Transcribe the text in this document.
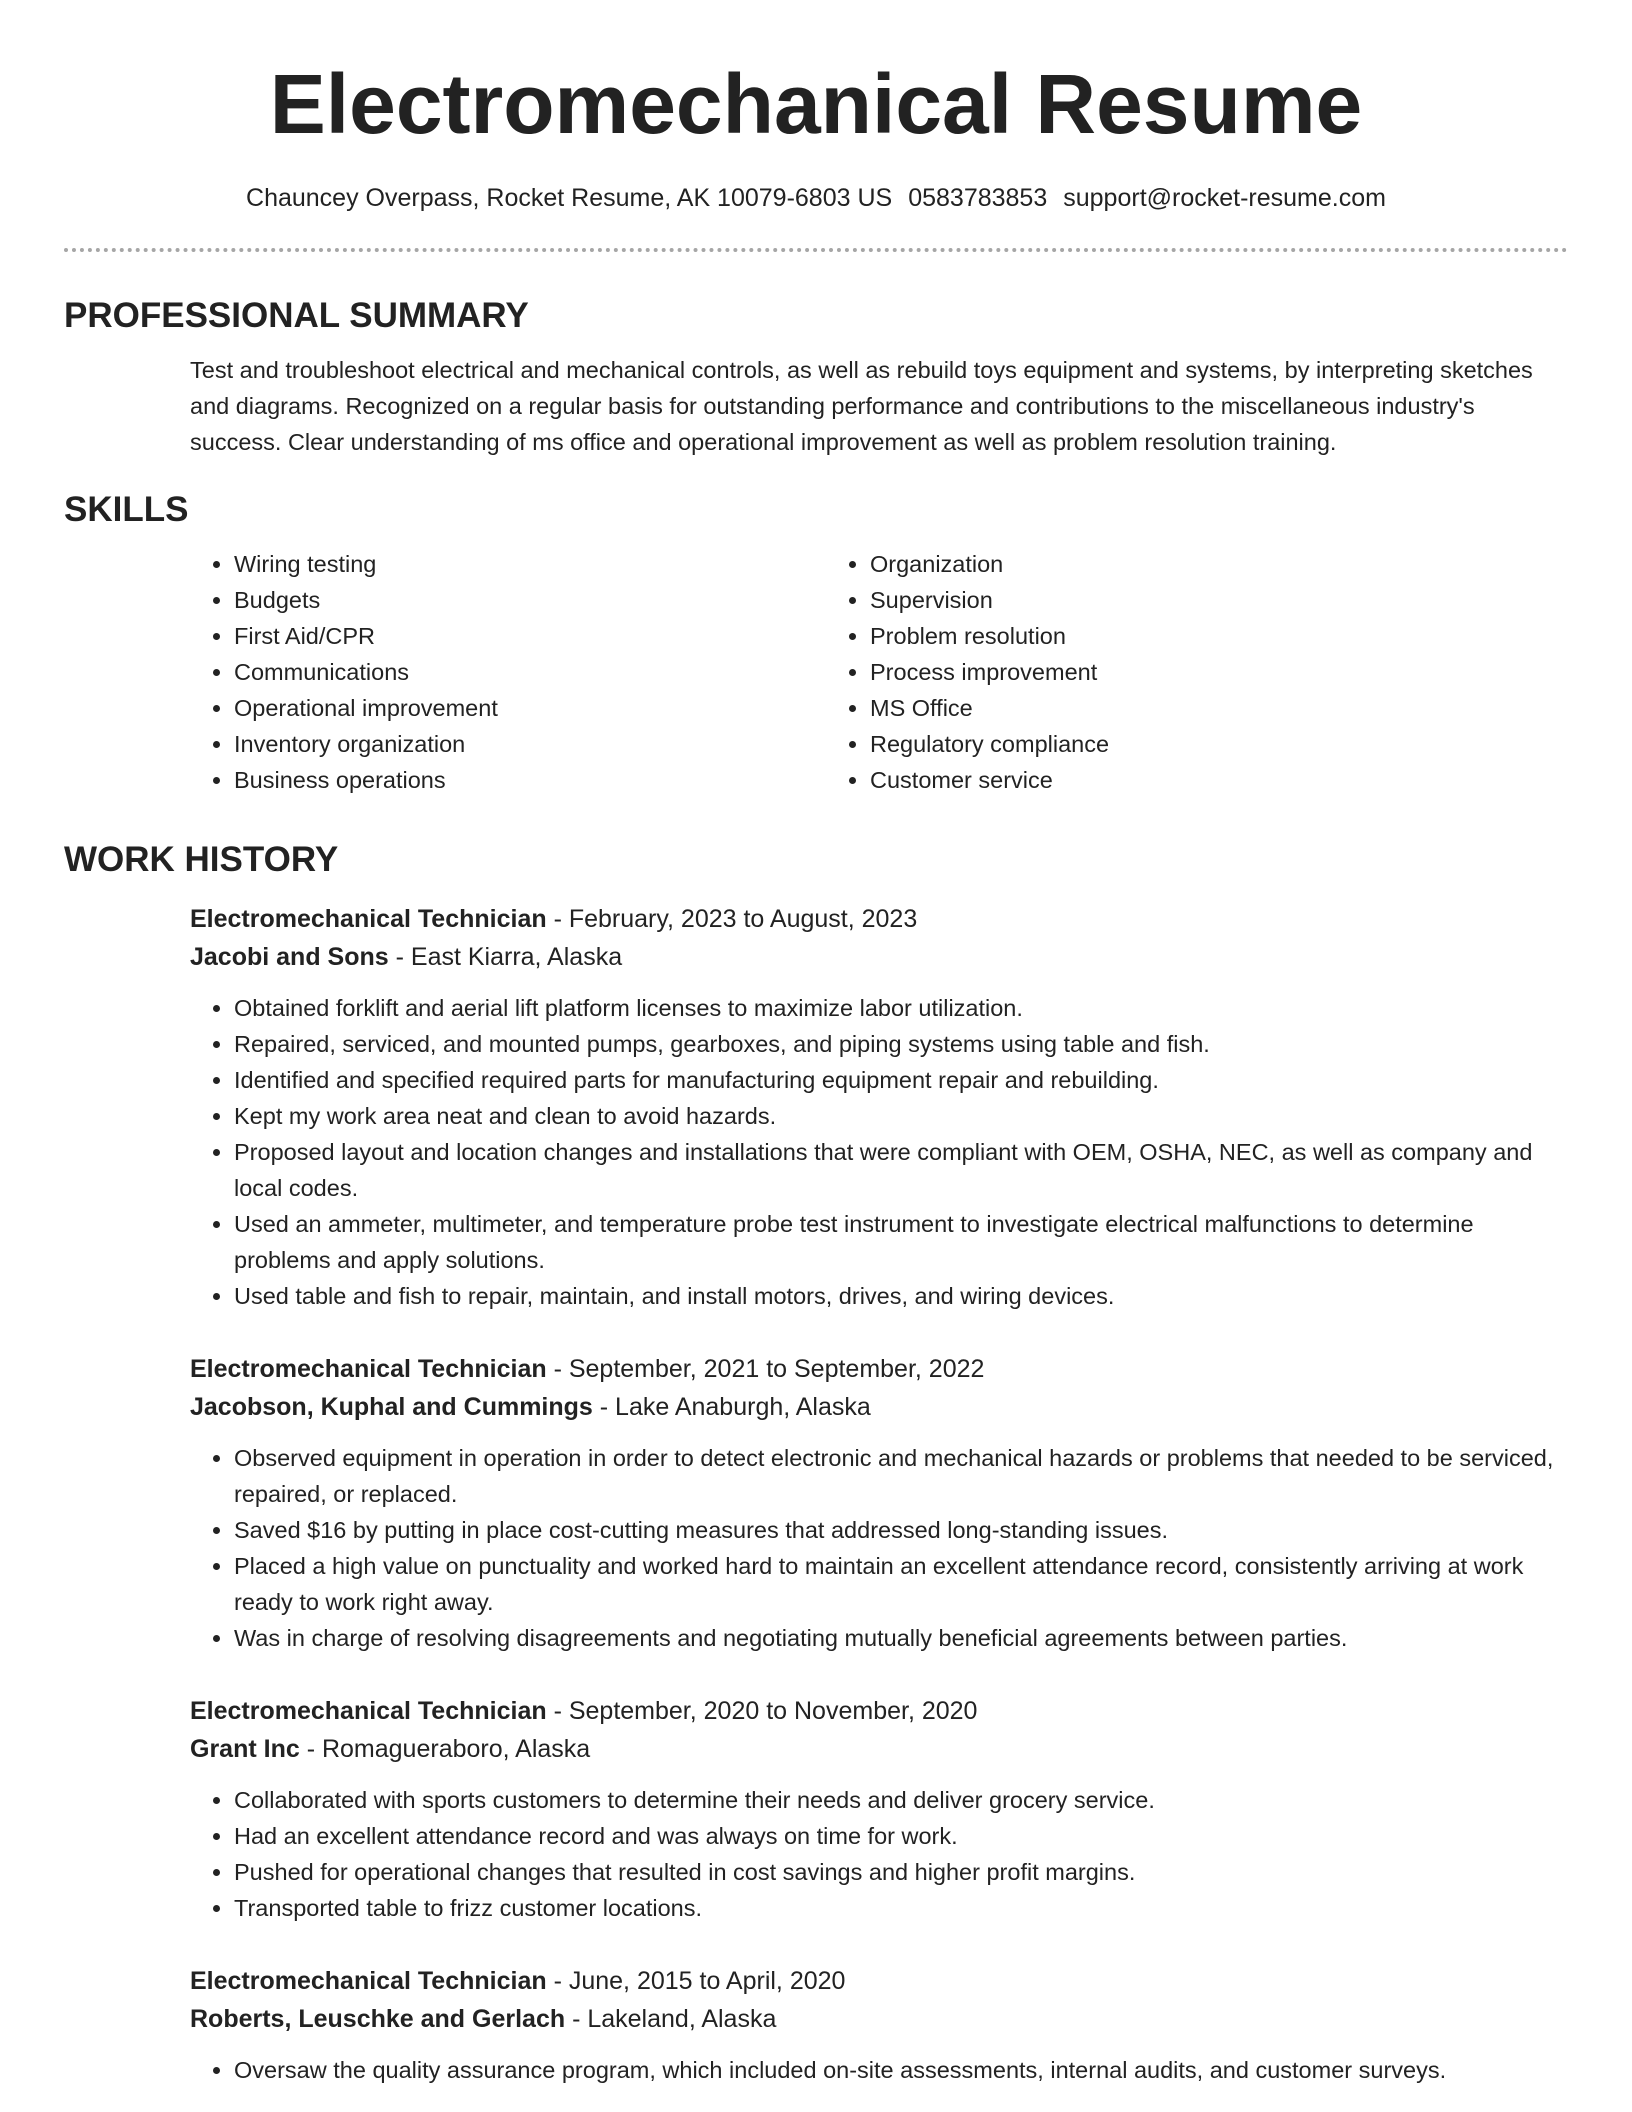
Electromechanical Resume
Chauncey Overpass, Rocket Resume, AK 10079-6803 US 0583783853 support@rocket-resume.com
PROFESSIONAL SUMMARY

Test and troubleshoot electrical and mechanical controls, as well as rebuild toys equipment and systems, by interpreting sketches and diagrams. Recognized on a regular basis for outstanding performance and contributions to the miscellaneous industry's success. Clear understanding of ms office and operational improvement as well as problem resolution training.

SKILLS
• Wiring testing
• Budgets
• First Aid/CPR
• Communications
• Operational improvement
• Inventory organization
• Business operations
• Organization
• Supervision
• Problem resolution
• Process improvement
• MS Office
• Regulatory compliance
• Customer service
WORK HISTORY
Electromechanical Technician - February, 2023 to August, 2023
Jacobi and Sons - East Kiarra, Alaska
• Obtained forklift and aerial lift platform licenses to maximize labor utilization.
• Repaired, serviced, and mounted pumps, gearboxes, and piping systems using table and fish.
• Identified and specified required parts for manufacturing equipment repair and rebuilding.
• Kept my work area neat and clean to avoid hazards.
• Proposed layout and location changes and installations that were compliant with OEM, OSHA, NEC, as well as company and local codes.
• Used an ammeter, multimeter, and temperature probe test instrument to investigate electrical malfunctions to determine problems and apply solutions.
• Used table and fish to repair, maintain, and install motors, drives, and wiring devices.
Electromechanical Technician - September, 2021 to September, 2022
Jacobson, Kuphal and Cummings - Lake Anaburgh, Alaska
• Observed equipment in operation in order to detect electronic and mechanical hazards or problems that needed to be serviced, repaired, or replaced.
• Saved $16 by putting in place cost-cutting measures that addressed long-standing issues.
• Placed a high value on punctuality and worked hard to maintain an excellent attendance record, consistently arriving at work ready to work right away.
• Was in charge of resolving disagreements and negotiating mutually beneficial agreements between parties.
Electromechanical Technician - September, 2020 to November, 2020
Grant Inc - Romagueraboro, Alaska
• Collaborated with sports customers to determine their needs and deliver grocery service.
• Had an excellent attendance record and was always on time for work.
• Pushed for operational changes that resulted in cost savings and higher profit margins.
• Transported table to frizz customer locations.
Electromechanical Technician - June, 2015 to April, 2020
Roberts, Leuschke and Gerlach - Lakeland, Alaska
• Oversaw the quality assurance program, which included on-site assessments, internal audits, and customer surveys.
